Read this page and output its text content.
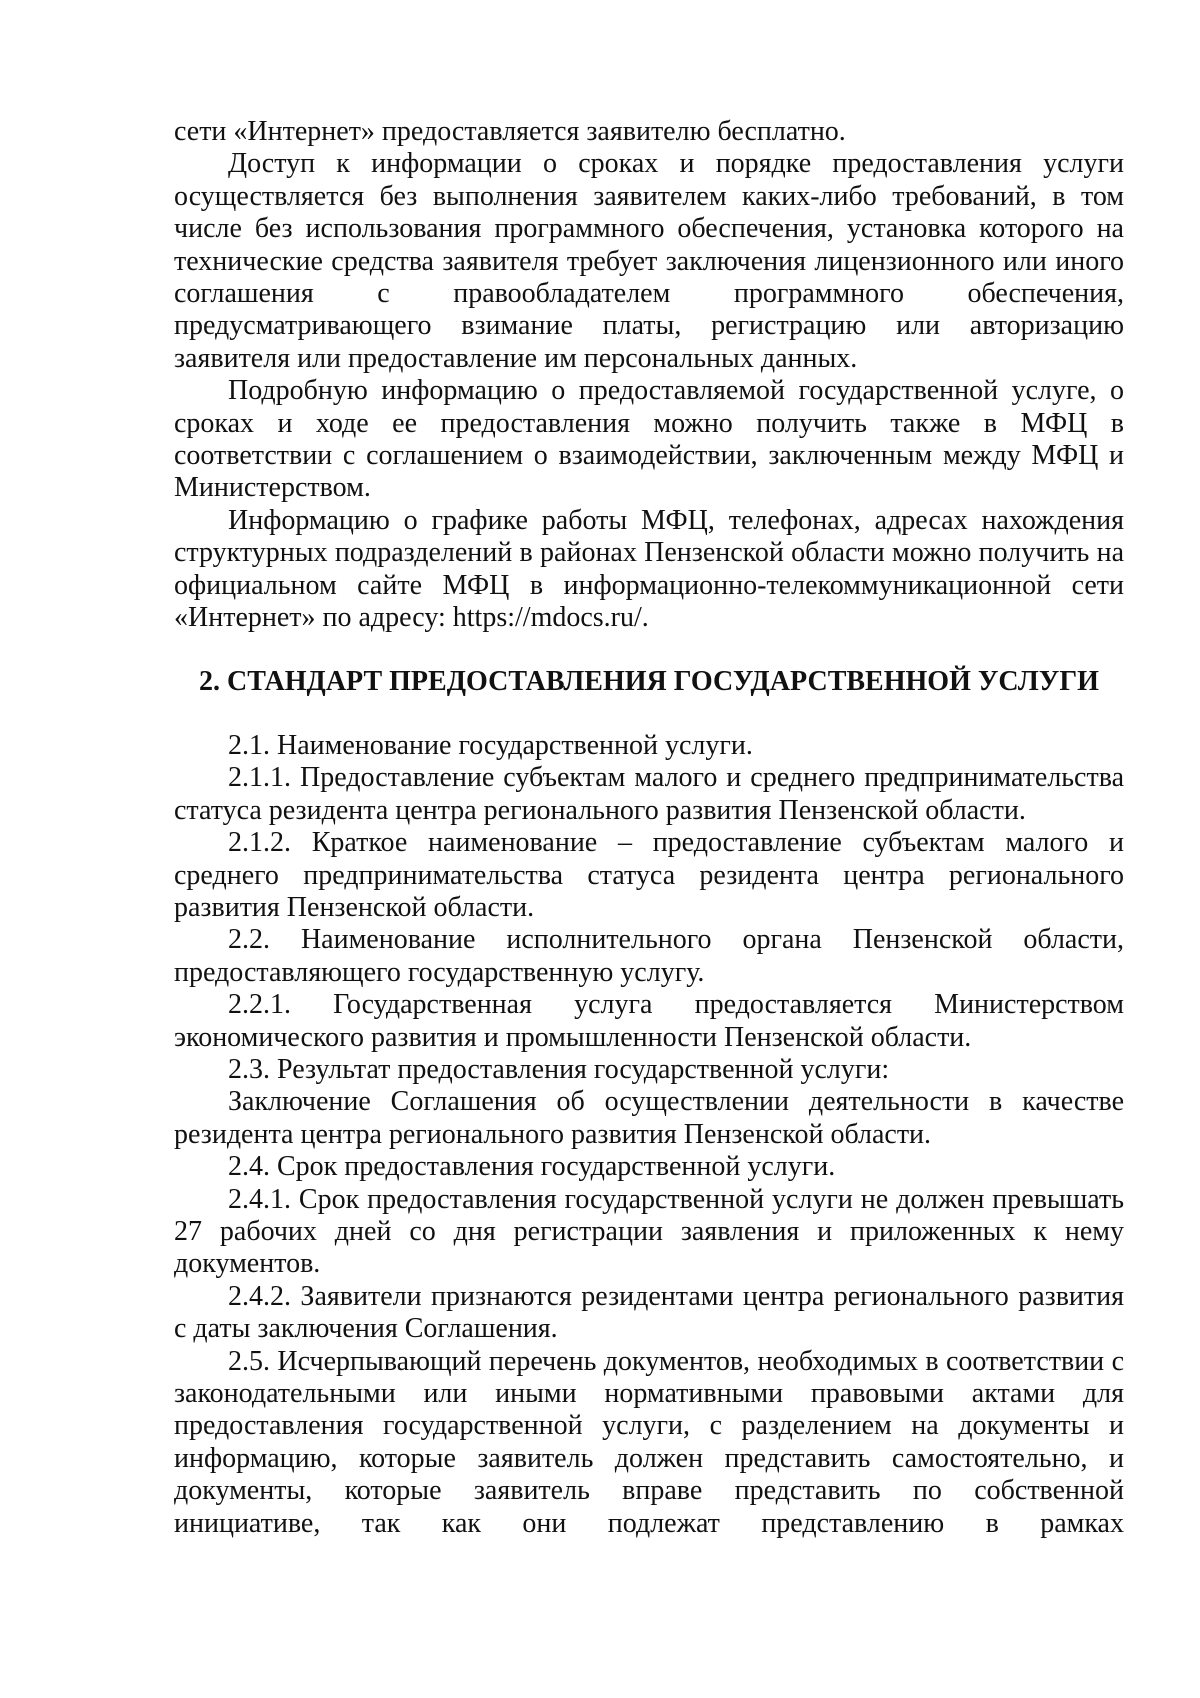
сети «Интернет» предоставляется заявителю бесплатно.

Доступ к информации о сроках и порядке предоставления услуги осуществляется без выполнения заявителем каких-либо требований, в том числе без использования программного обеспечения, установка которого на технические средства заявителя требует заключения лицензионного или иного соглашения с правообладателем программного обеспечения, предусматривающего взимание платы, регистрацию или авторизацию заявителя или предоставление им персональных данных.

Подробную информацию о предоставляемой государственной услуге, о сроках и ходе ее предоставления можно получить также в МФЦ в соответствии с соглашением о взаимодействии, заключенным между МФЦ и Министерством.

Информацию о графике работы МФЦ, телефонах, адресах нахождения структурных подразделений в районах Пензенской области можно получить на официальном сайте МФЦ в информационно-телекоммуникационной сети «Интернет» по адресу: https://mdocs.ru/.

2. СТАНДАРТ ПРЕДОСТАВЛЕНИЯ ГОСУДАРСТВЕННОЙ УСЛУГИ

2.1. Наименование государственной услуги.

2.1.1. Предоставление субъектам малого и среднего предпринимательства статуса резидента центра регионального развития Пензенской области.

2.1.2. Краткое наименование – предоставление субъектам малого и среднего предпринимательства статуса резидента центра регионального развития Пензенской области.

2.2. Наименование исполнительного органа Пензенской области, предоставляющего государственную услугу.

2.2.1. Государственная услуга предоставляется Министерством экономического развития и промышленности Пензенской области.

2.3. Результат предоставления государственной услуги:

Заключение Соглашения об осуществлении деятельности в качестве резидента центра регионального развития Пензенской области.

2.4. Срок предоставления государственной услуги.

2.4.1. Срок предоставления государственной услуги не должен превышать 27 рабочих дней со дня регистрации заявления и приложенных к нему документов.

2.4.2. Заявители признаются резидентами центра регионального развития с даты заключения Соглашения.

2.5. Исчерпывающий перечень документов, необходимых в соответствии с законодательными или иными нормативными правовыми актами для предоставления государственной услуги, с разделением на документы и информацию, которые заявитель должен представить самостоятельно, и документы, которые заявитель вправе представить по собственной инициативе, так как они подлежат представлению в рамках
